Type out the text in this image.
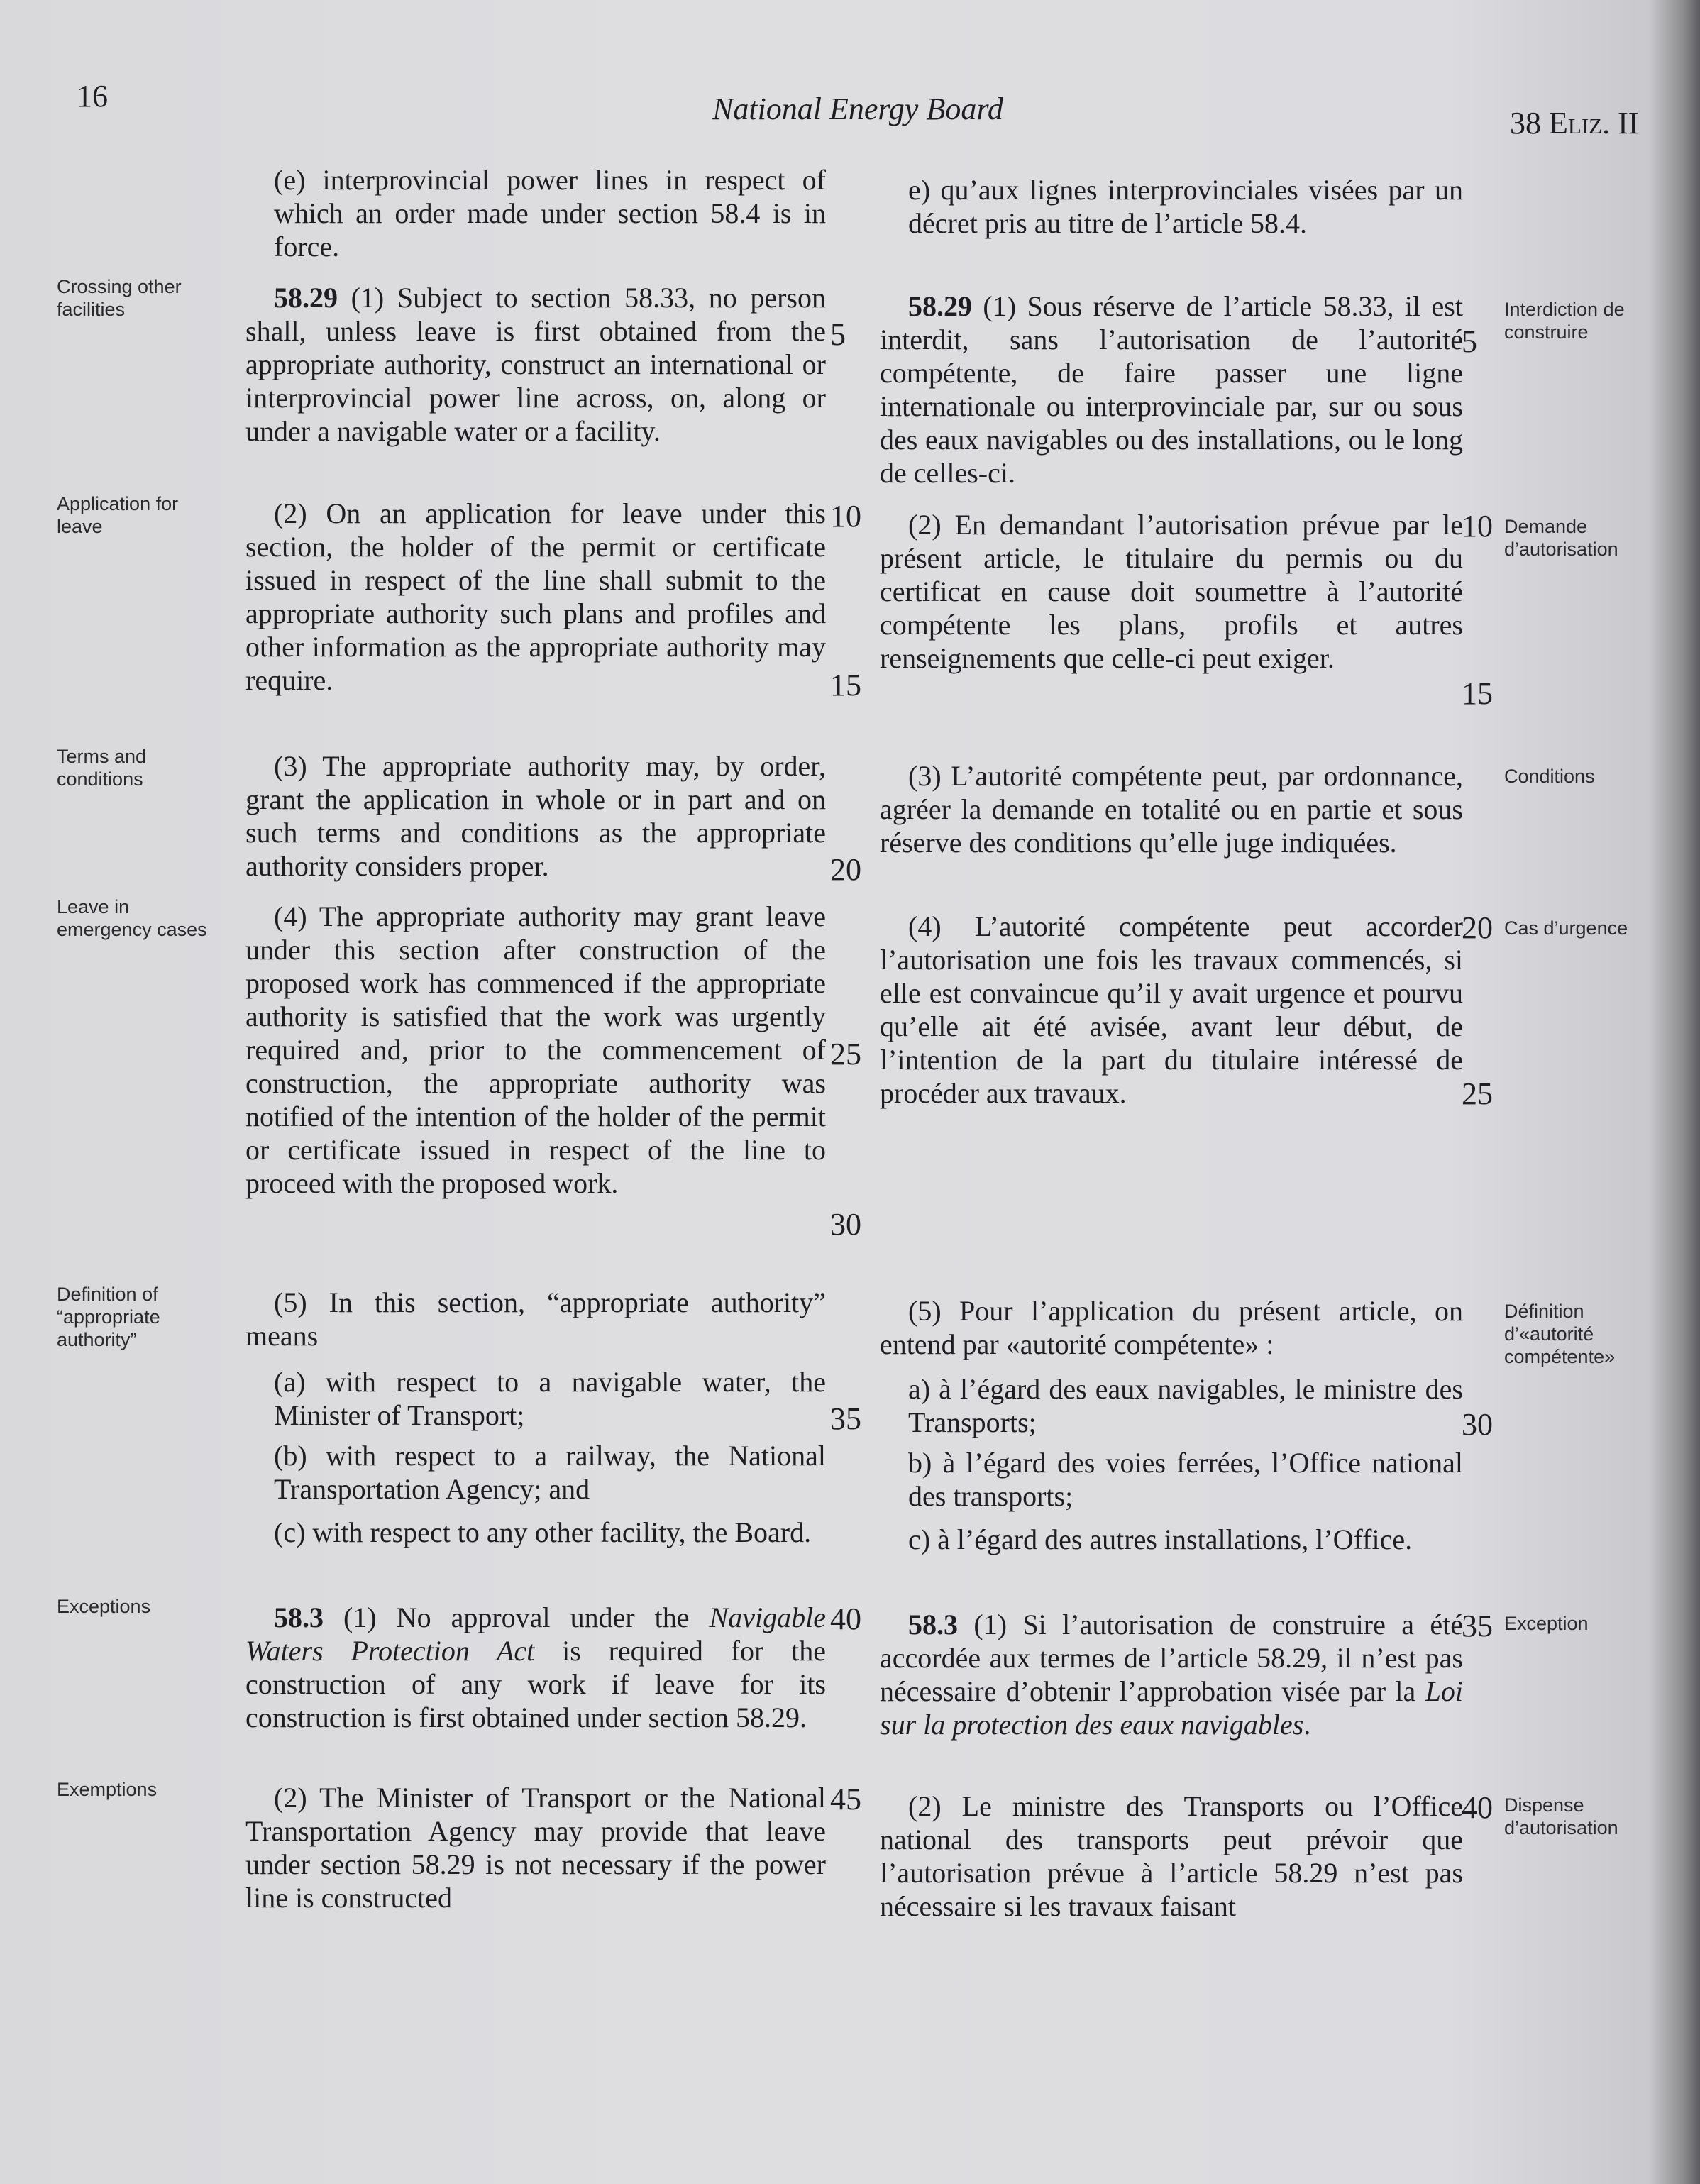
16	National Energy Board	38 Eliz. II
Crossing other facilities
Application for leave
Terms and conditions
Leave in emergency cases
Definition of “appropriate authority”
Exceptions
Exemptions
Interdiction de construire
Demande d’autorisation
Conditions
Cas d’urgence
Définition d’«autorité compétente»
Exception
Dispense d’autorisation

(e) interprovincial power lines in respect of which an order made under section 58.4 is in force.

58.29 (1) Subject to section 58.33, no person shall, unless leave is first obtained from the appropriate authority, construct an international or interprovincial power line across, on, along or under a navigable water or a facility.

(2) On an application for leave under this section, the holder of the permit or certificate issued in respect of the line shall submit to the appropriate authority such plans and profiles and other information as the appropriate authority may require.

(3) The appropriate authority may, by order, grant the application in whole or in part and on such terms and conditions as the appropriate authority considers proper.

(4) The appropriate authority may grant leave under this section after construction of the proposed work has commenced if the appropriate authority is satisfied that the work was urgently required and, prior to the commencement of construction, the appropriate authority was notified of the intention of the holder of the permit or certificate issued in respect of the line to proceed with the proposed work.

(5) In this section, “appropriate authority” means

(a) with respect to a navigable water, the Minister of Transport;

(b) with respect to a railway, the National Transportation Agency; and

(c) with respect to any other facility, the Board.

58.3 (1) No approval under the Navigable Waters Protection Act is required for the construction of any work if leave for its construction is first obtained under section 58.29.

(2) The Minister of Transport or the National Transportation Agency may provide that leave under section 58.29 is not necessary if the power line is constructed

e) qu’aux lignes interprovinciales visées par un décret pris au titre de l’article 58.4.

58.29 (1) Sous réserve de l’article 58.33, il est interdit, sans l’autorisation de l’autorité compétente, de faire passer une ligne internationale ou interprovinciale par, sur ou sous des eaux navigables ou des installations, ou le long de celles-ci.

(2) En demandant l’autorisation prévue par le présent article, le titulaire du permis ou du certificat en cause doit soumettre à l’autorité compétente les plans, profils et autres renseignements que celle-ci peut exiger.

(3) L’autorité compétente peut, par ordonnance, agréer la demande en totalité ou en partie et sous réserve des conditions qu’elle juge indiquées.

(4) L’autorité compétente peut accorder l’autorisation une fois les travaux commencés, si elle est convaincue qu’il y avait urgence et pourvu qu’elle ait été avisée, avant leur début, de l’intention de la part du titulaire intéressé de procéder aux travaux.

(5) Pour l’application du présent article, on entend par «autorité compétente» :

a) à l’égard des eaux navigables, le ministre des Transports;

b) à l’égard des voies ferrées, l’Office national des transports;

c) à l’égard des autres installations, l’Office.

58.3 (1) Si l’autorisation de construire a été accordée aux termes de l’article 58.29, il n’est pas nécessaire d’obtenir l’approbation visée par la Loi sur la protection des eaux navigables.

(2) Le ministre des Transports ou l’Office national des transports peut prévoir que l’autorisation prévue à l’article 58.29 n’est pas nécessaire si les travaux faisant

5
10
15
20
25
30
35
40
45
5
10
15
20
25
30
35
40
